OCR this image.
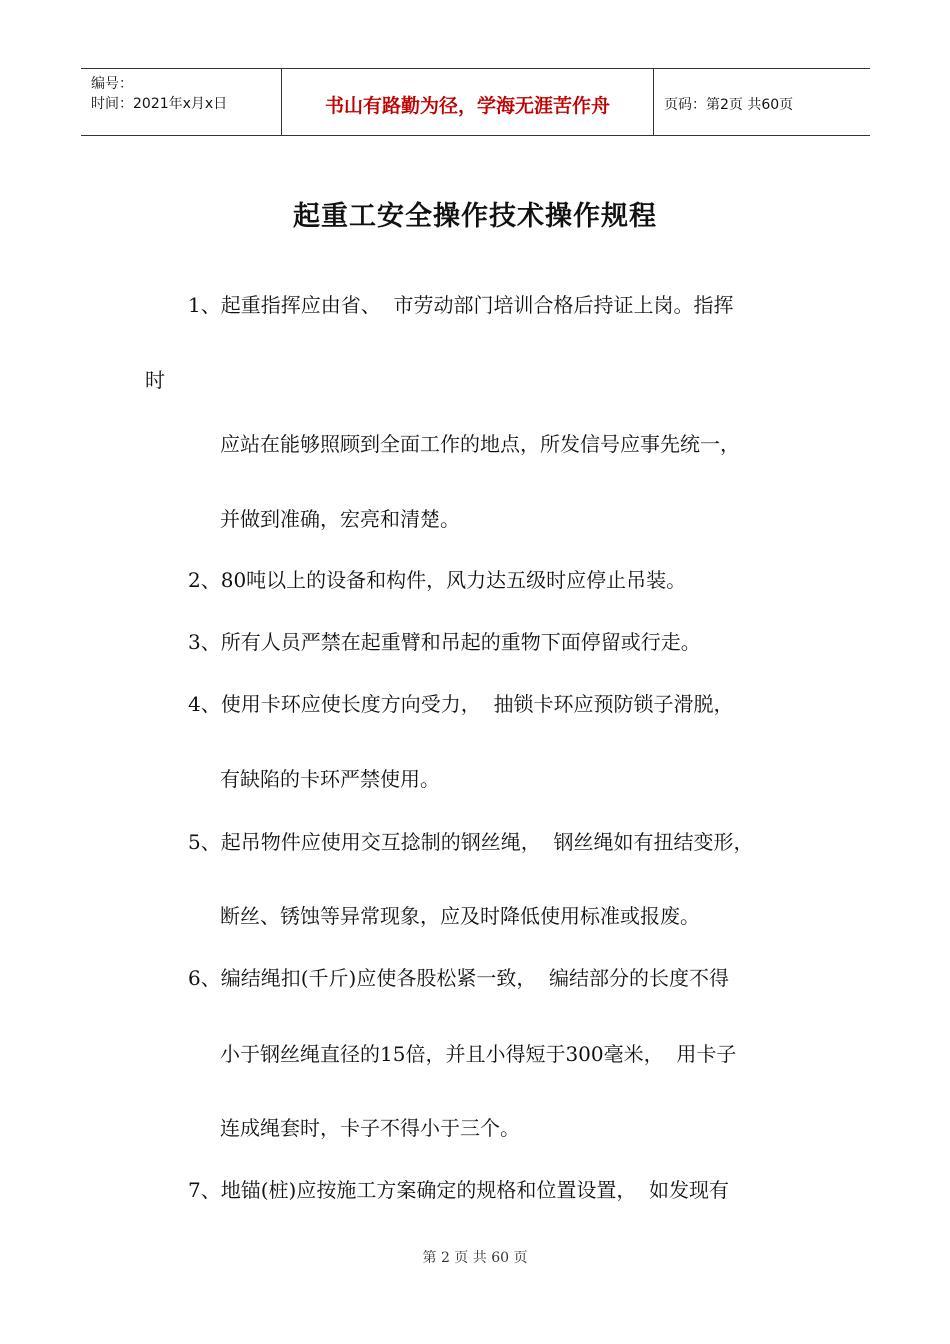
编号：
时间：2021年x月x日	书山有路勤为径，学海无涯苦作舟	页码：第2页 共60页
起重工安全操作技术操作规程
1、起重指挥应由省、  市劳动部门培训合格后持证上岗。指挥
时
应站在能够照顾到全面工作的地点，所发信号应事先统一，
并做到准确，宏亮和清楚。
2、80吨以上的设备和构件，风力达五级时应停止吊装。
3、所有人员严禁在起重臂和吊起的重物下面停留或行走。
4、使用卡环应使长度方向受力，  抽锁卡环应预防锁子滑脱，
有缺陷的卡环严禁使用。
5、起吊物件应使用交互捻制的钢丝绳，  钢丝绳如有扭结变形，
断丝、锈蚀等异常现象，应及时降低使用标准或报废。
6、编结绳扣(千斤)应使各股松紧一致，  编结部分的长度不得
小于钢丝绳直径的15倍，并且小得短于300毫米，  用卡子
连成绳套时，卡子不得小于三个。
7、地锚(桩)应按施工方案确定的规格和位置设置，  如发现有
第 2 页 共 60 页
